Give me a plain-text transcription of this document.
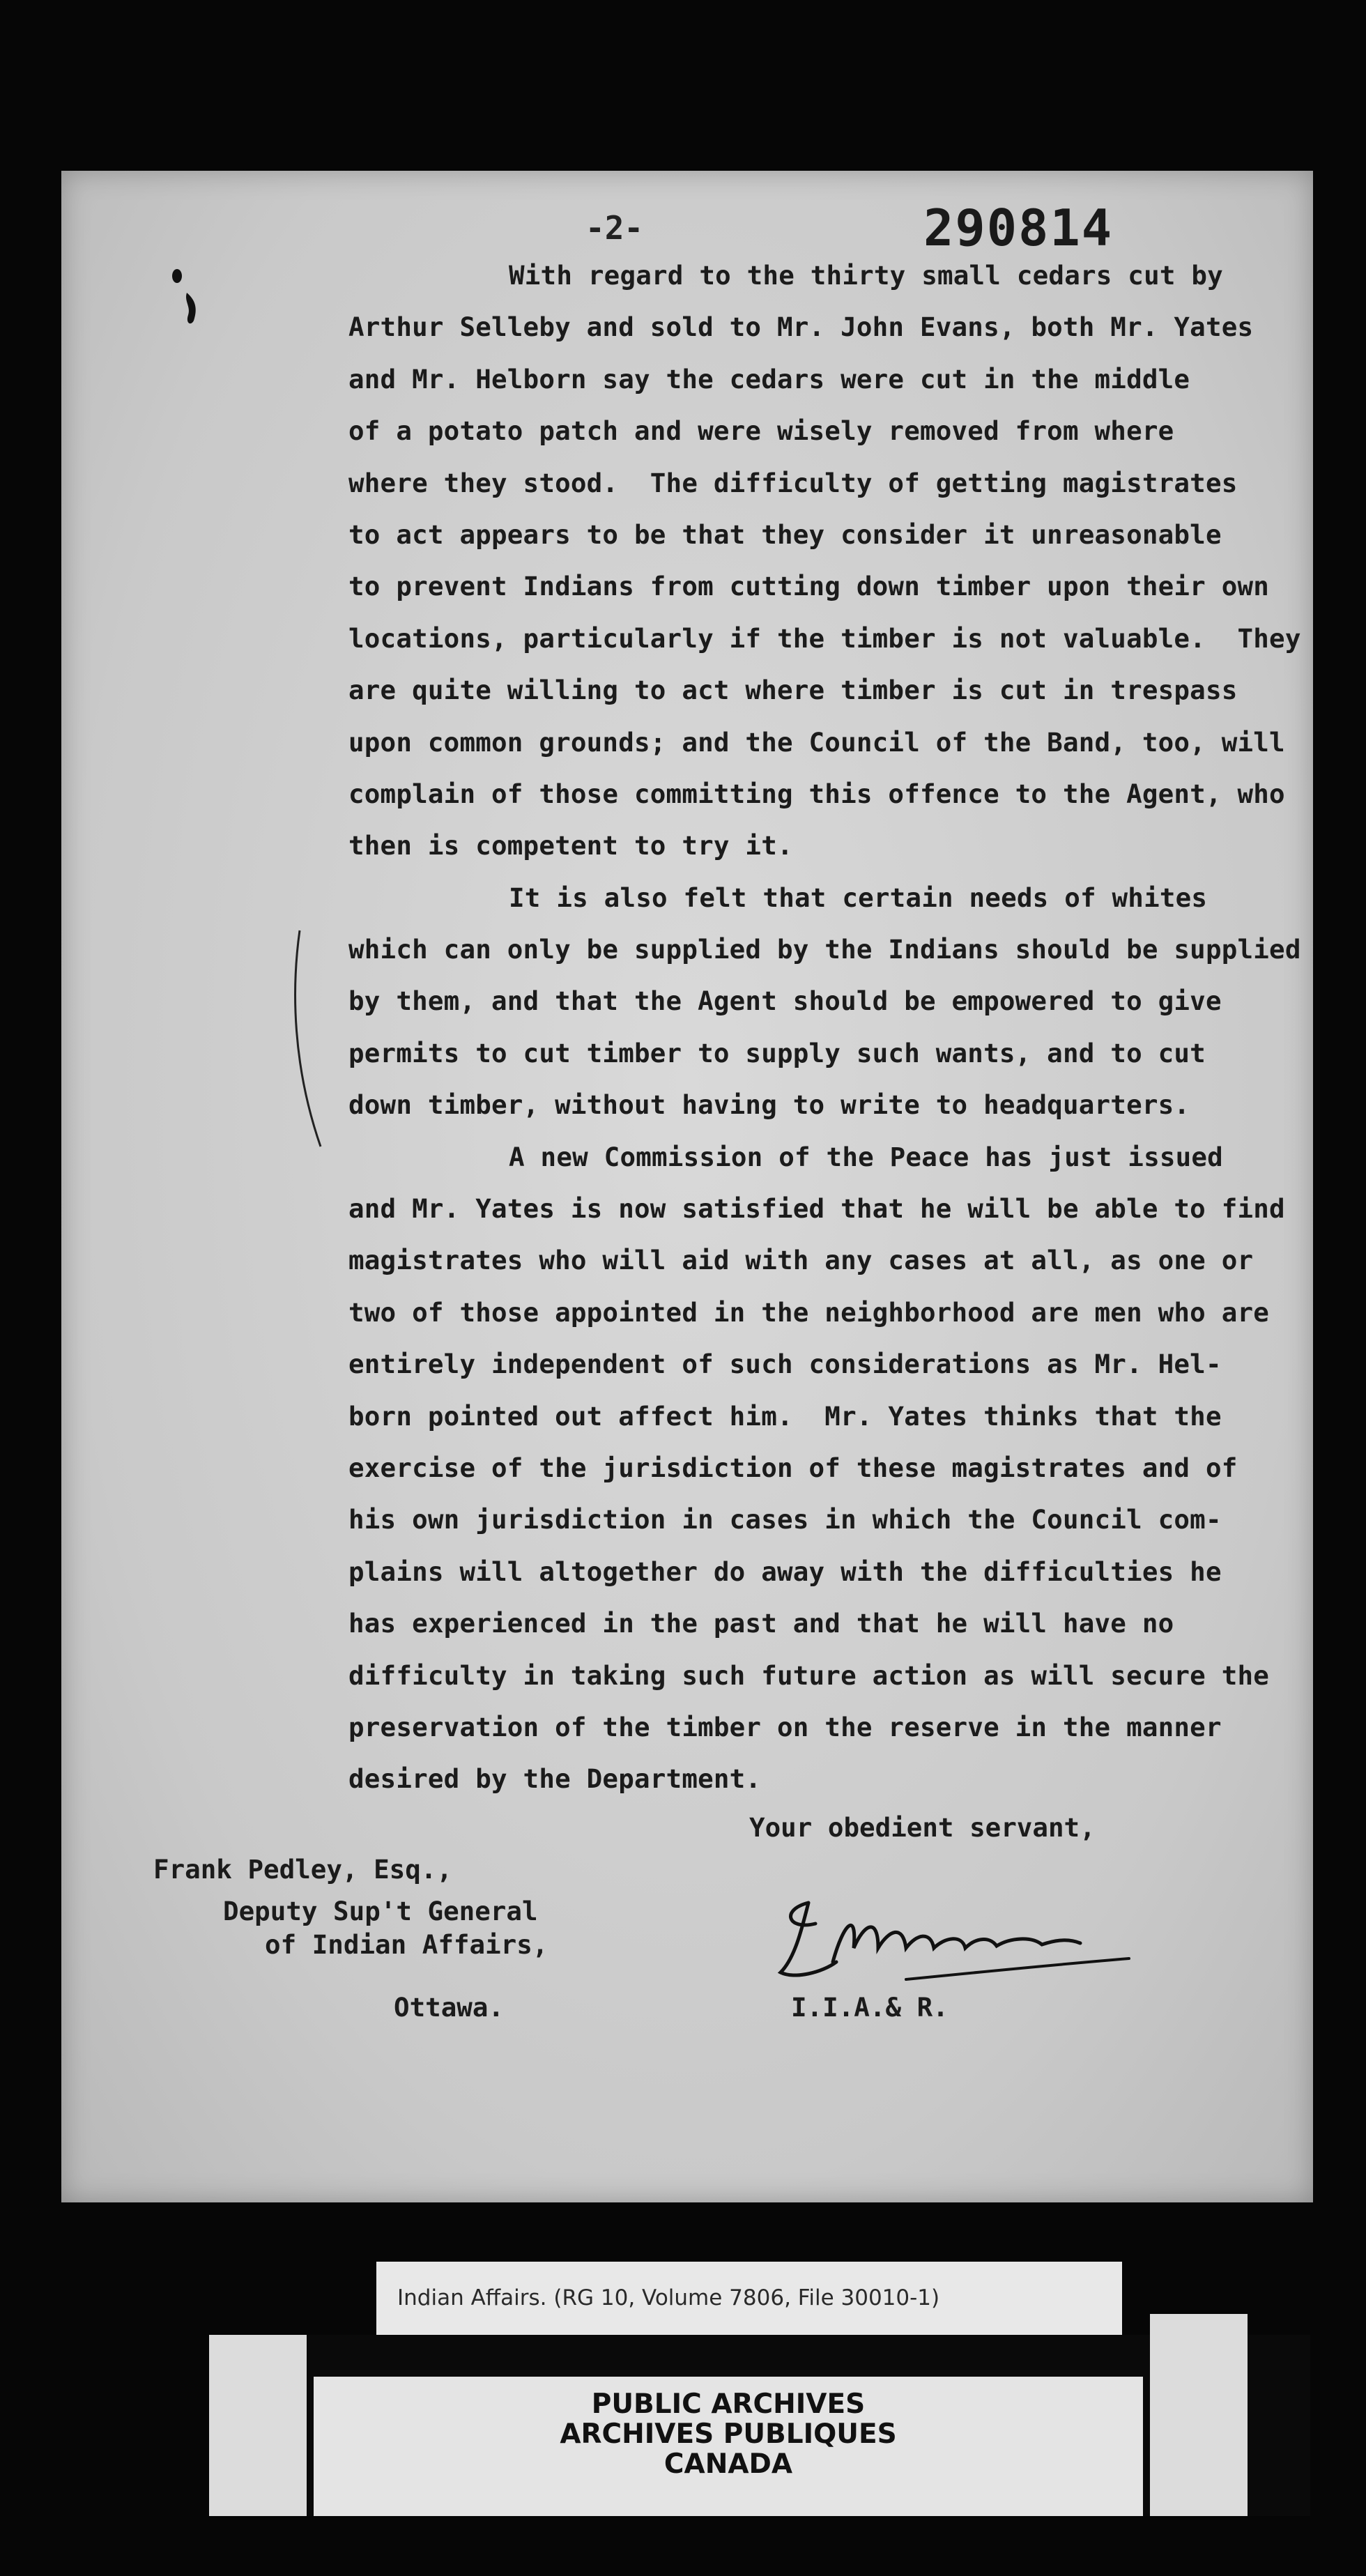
-2-	290814
With regard to the thirty small cedars cut by
Arthur Selleby and sold to Mr. John Evans, both Mr. Yates
and Mr. Helborn say the cedars were cut in the middle
of a potato patch and were wisely removed from where
where they stood.  The difficulty of getting magistrates
to act appears to be that they consider it unreasonable
to prevent Indians from cutting down timber upon their own
locations, particularly if the timber is not valuable.  They
are quite willing to act where timber is cut in trespass
upon common grounds; and the Council of the Band, too, will
complain of those committing this offence to the Agent, who
then is competent to try it.
It is also felt that certain needs of whites
which can only be supplied by the Indians should be supplied
by them, and that the Agent should be empowered to give
permits to cut timber to supply such wants, and to cut
down timber, without having to write to headquarters.
A new Commission of the Peace has just issued
and Mr. Yates is now satisfied that he will be able to find
magistrates who will aid with any cases at all, as one or
two of those appointed in the neighborhood are men who are
entirely independent of such considerations as Mr. Hel-
born pointed out affect him.  Mr. Yates thinks that the
exercise of the jurisdiction of these magistrates and of
his own jurisdiction in cases in which the Council com-
plains will altogether do away with the difficulties he
has experienced in the past and that he will have no
difficulty in taking such future action as will secure the
preservation of the timber on the reserve in the manner
desired by the Department.
Your obedient servant,
Frank Pedley, Esq.,
Deputy Sup't General
of Indian Affairs,
Ottawa.	I.I.A.& R.
Indian Affairs. (RG 10, Volume 7806, File 30010-1)
PUBLIC ARCHIVES
ARCHIVES PUBLIQUES
CANADA
